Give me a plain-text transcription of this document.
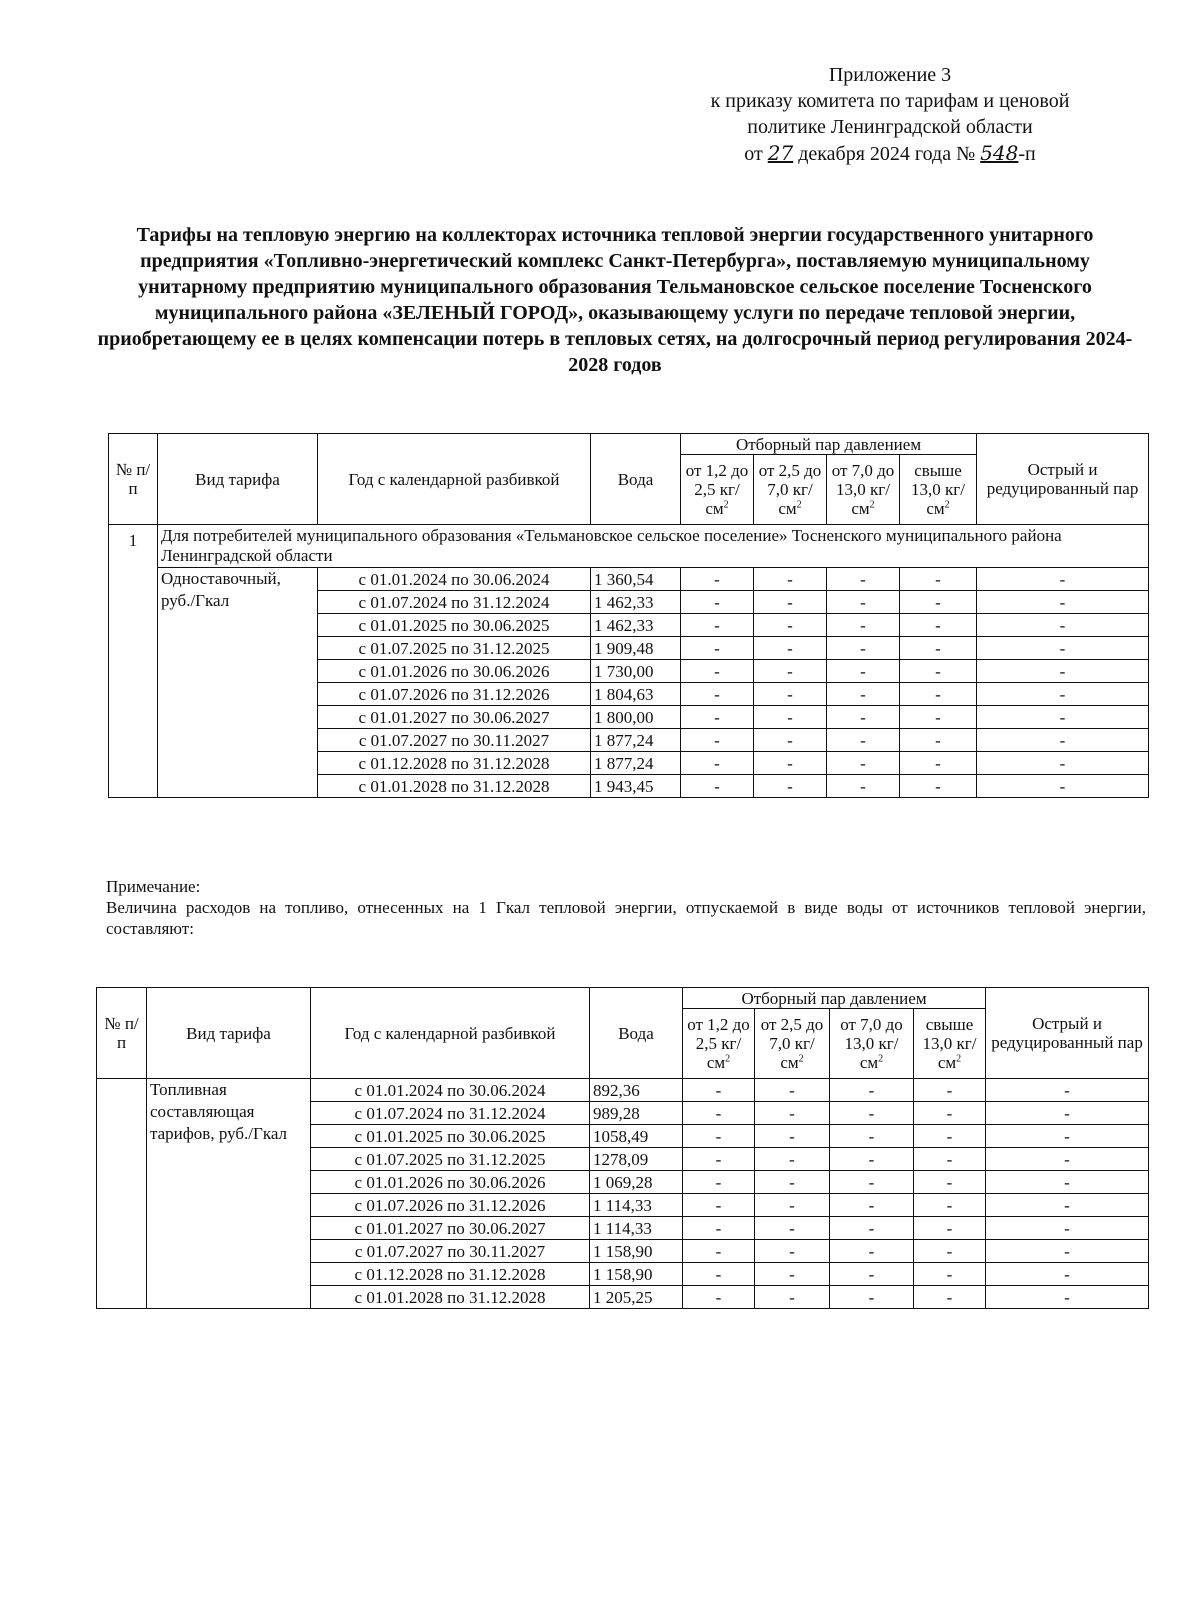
Приложение 3
к приказу комитета по тарифам и ценовой
политике Ленинградской области
от 27 декабря 2024 года № 548-п
Тарифы на тепловую энергию на коллекторах источника тепловой энергии государственного унитарного предприятия «Топливно-энергетический комплекс Санкт-Петербурга», поставляемую муниципальному унитарному предприятию муниципального образования Тельмановское сельское поселение Тосненского муниципального района «ЗЕЛЕНЫЙ ГОРОД», оказывающему услуги по передаче тепловой энергии, приобретающему ее в целях компенсации потерь в тепловых сетях, на долгосрочный период регулирования 2024-2028 годов
№ п/п	Вид тарифа	Год с календарной разбивкой	Вода	Отборный пар давлением				Острый и редуцированный пар
				от 1,2 до 2,5 $кг/см^2$	от 2,5 до 7,0 $кг/см^2$	от 7,0 до 13,0 $кг/см^2$	свыше 13,0 $кг/см^2$
1	Для потребителей муниципального образования «Тельмановское сельское поселение» Тосненского муниципального района Ленинградской области							
	Одноставочный, руб./Гкал	с 01.01.2024 по 30.06.2024	1 360,54	-	-	-	-	-
		с 01.07.2024 по 31.12.2024	1 462,33	-	-	-	-	-
		с 01.01.2025 по 30.06.2025	1 462,33	-	-	-	-	-
		с 01.07.2025 по 31.12.2025	1 909,48	-	-	-	-	-
		с 01.01.2026 по 30.06.2026	1 730,00	-	-	-	-	-
		с 01.07.2026 по 31.12.2026	1 804,63	-	-	-	-	-
		с 01.01.2027 по 30.06.2027	1 800,00	-	-	-	-	-
		с 01.07.2027 по 30.11.2027	1 877,24	-	-	-	-	-
		с 01.12.2028 по 31.12.2028	1 877,24	-	-	-	-	-
		с 01.01.2028 по 31.12.2028	1 943,45	-	-	-	-	-
Примечание:
Величина расходов на топливо, отнесенных на 1 Гкал тепловой энергии, отпускаемой в виде воды от источников тепловой энергии, составляют:
№ п/п	Вид тарифа	Год с календарной разбивкой	Вода	Отборный пар давлением				Острый и редуцированный пар
				от 1,2 до 2,5 $кг/см^2$	от 2,5 до 7,0 $кг/см^2$	от 7,0 до 13,0 $кг/см^2$	свыше 13,0 $кг/см^2$
	Топливная составляющая тарифов, руб./Гкал	с 01.01.2024 по 30.06.2024	892,36	-	-	-	-	-
		с 01.07.2024 по 31.12.2024	989,28	-	-	-	-	-
		с 01.01.2025 по 30.06.2025	1058,49	-	-	-	-	-
		с 01.07.2025 по 31.12.2025	1278,09	-	-	-	-	-
		с 01.01.2026 по 30.06.2026	1 069,28	-	-	-	-	-
		с 01.07.2026 по 31.12.2026	1 114,33	-	-	-	-	-
		с 01.01.2027 по 30.06.2027	1 114,33	-	-	-	-	-
		с 01.07.2027 по 30.11.2027	1 158,90	-	-	-	-	-
		с 01.12.2028 по 31.12.2028	1 158,90	-	-	-	-	-
		с 01.01.2028 по 31.12.2028	1 205,25	-	-	-	-	-
